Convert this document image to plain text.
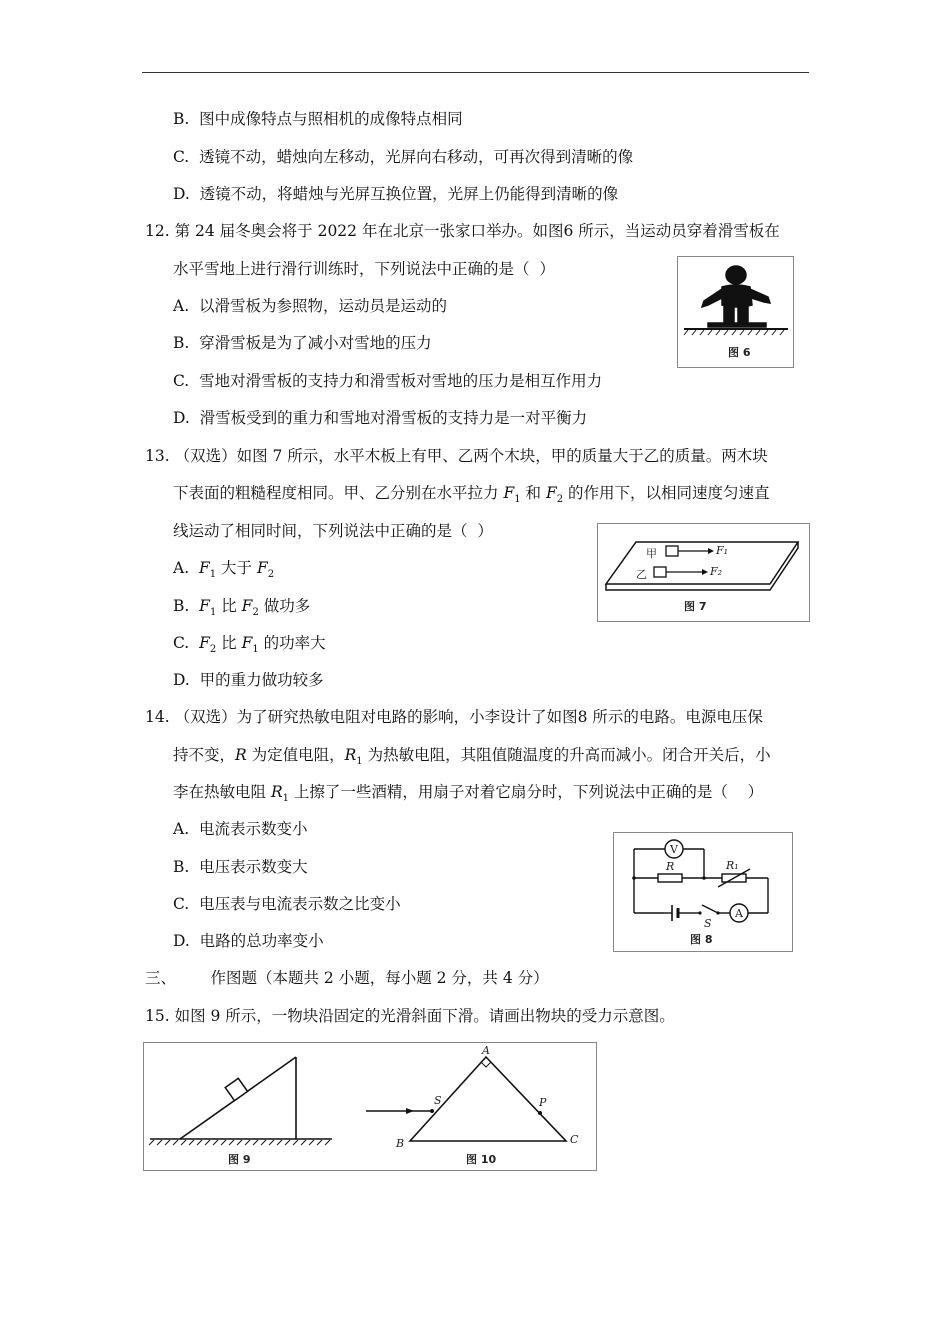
B.  图中成像特点与照相机的成像特点相同
C.  透镜不动，蜡烛向左移动，光屏向右移动，可再次得到清晰的像
D.  透镜不动，将蜡烛与光屏互换位置，光屏上仍能得到清晰的像
12. 第 24 届冬奥会将于 2022 年在北京一张家口举办。如图6 所示，当运动员穿着滑雪板在
水平雪地上进行滑行训练时，下列说法中正确的是（  ）
A.  以滑雪板为参照物，运动员是运动的
B.  穿滑雪板是为了减小对雪地的压力
C.  雪地对滑雪板的支持力和滑雪板对雪地的压力是相互作用力
D.  滑雪板受到的重力和雪地对滑雪板的支持力是一对平衡力
图 6
13. （双选）如图 7 所示，水平木板上有甲、乙两个木块，甲的质量大于乙的质量。两木块
下表面的粗糙程度相同。甲、乙分别在水平拉力 $F_1$ 和 $F_2$ 的作用下，以相同速度匀速直
线运动了相同时间，下列说法中正确的是（  ）
A.  $F_1$ 大于 $F_2$
B.  $F_1$ 比 $F_2$ 做功多
C.  $F_2$ 比 $F_1$ 的功率大
D.  甲的重力做功较多
甲	F₁
乙	F₂
图 7
14. （双选）为了研究热敏电阻对电路的影响，小李设计了如图8 所示的电路。电源电压保
持不变，R 为定值电阻，$R_1$ 为热敏电阻，其阻值随温度的升高而减小。闭合开关后，小
李在热敏电阻 $R_1$ 上擦了一些酒精，用扇子对着它扇分时，下列说法中正确的是（    ）
A.  电流表示数变小
B.  电压表示数变大
C.  电压表与电流表示数之比变小
D.  电路的总功率变小
V
A
R	R₁
S
图 8
三、       作图题（本题共 2 小题，每小题 2 分，共 4 分）
15. 如图 9 所示，一物块沿固定的光滑斜面下滑。请画出物块的受力示意图。
图 9
A
B	C
S	P
图 10
